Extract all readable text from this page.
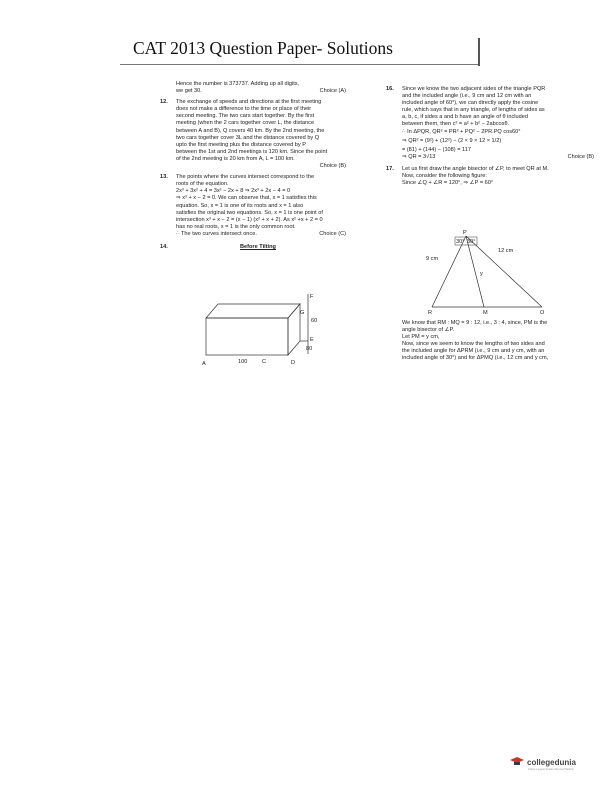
CAT 2013 Question Paper- Solutions

Hence the number is 373737. Adding up all digits,

we get 30.	Choice (A)
12. The exchange of speeds and directions at the first meeting

does not make a difference to the time or place of their

second meeting. The two cars start together. By the first

meeting (when the 2 cars together cover L, the distance

between A and B), Q covers 40 km. By the 2nd meeting, the

two cars together cover 3L and the distance covered by Q

upto the first meeting plus the distance covered by P

between the 1st and 2nd meetings is 120 km. Since the point

of the 2nd meeting is 20 km from A, L = 100 km.

Choice (B)

13. The points where the curves intersect correspond to the

roots of the equation.

2x³ + 3x² + 4 = 3x² − 2x + 8 ⇒ 2x³ + 2x − 4 = 0

⇒ x³ + x − 2 = 0. We can observe that, x = 1 satisfies this

equation. So, x = 1 is one of its roots and x = 1 also

satisfies the original two equations. So, x = 1 is one point of

intersection x³ + x − 2 = (x − 1) (x² + x + 2). As x² +x + 2 = 0

has no real roots, x = 1 is the only common root.

∴ The two curves intersect once.	Choice (C)
14.	Before Tilting

F
G
60
E
80
A	100	C	D
16. Since we know the two adjacent sides of the triangle PQR

and the included angle (i.e., 9 cm and 12 cm with an

included angle of 60°), we can directly apply the cosine

rule, which says that in any triangle, of lengths of sides as

a, b, c, if sides a and b have an angle of θ included

between them, then c² = a² + b² − 2abcosθ.

∴ In ΔPQR, QR² = PR² + PQ² − 2PR.PQ cos60°

⇒ QR² = (9²) + (12²) − (2 × 9 × 12 × 1/2)

= (81) + (144) − (108) = 117

⇒ QR = 3√13	Choice (B)
17. Let us first draw the angle bisector of ∠P, to meet QR at M.

Now, consider the following figure:

Since ∠Q + ∠R = 120°, ⇒ ∠P = 60°

P
30° 30°
9 cm
12 cm
y
R	M	Q

We know that RM : MQ = 9 : 12, i.e., 3 : 4, since, PM is the

angle bisector of ∠P.

Let PM = y cm,

Now, since we seem to know the lengths of two sides and

the included angle for ΔPRM (i.e., 9 cm and y cm, with an

included angle of 30°) and for ΔPMQ (i.e., 12 cm and y cm,

collegedunia
India's Largest Student Review Platform
